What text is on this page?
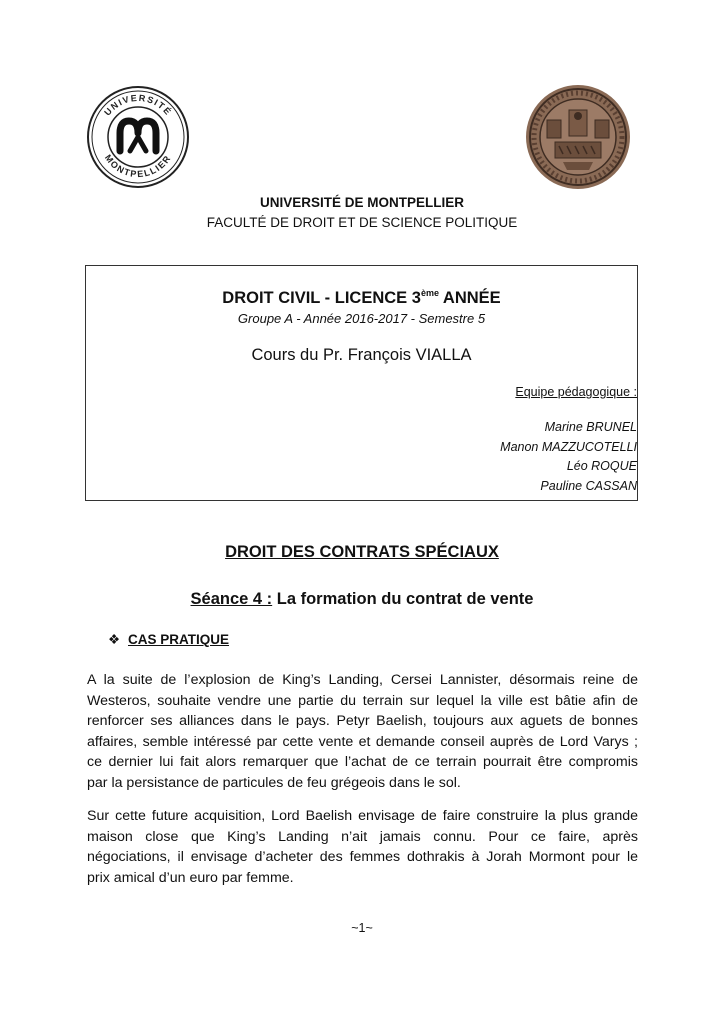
UNIVERSITÉ
MONTPELLIER
UNIVERSITÉ DE MONTPELLIER
FACULTÉ DE DROIT ET DE SCIENCE POLITIQUE
DROIT CIVIL - LICENCE 3ème ANNÉE
Groupe A - Année 2016-2017 - Semestre 5
Cours du Pr. François VIALLA
Equipe pédagogique :
Marine BRUNEL
Manon MAZZUCOTELLI
Léo ROQUE
Pauline CASSAN
DROIT DES CONTRATS SPÉCIAUX
Séance 4 : La formation du contrat de vente
❖ CAS PRATIQUE
A la suite de l’explosion de King’s Landing, Cersei Lannister, désormais reine de
Westeros, souhaite vendre une partie du terrain sur lequel la ville est bâtie afin de
renforcer ses alliances dans le pays. Petyr Baelish, toujours aux aguets de bonnes
affaires, semble intéressé par cette vente et demande conseil auprès de Lord Varys ;
ce dernier lui fait alors remarquer que l’achat de ce terrain pourrait être compromis
par la persistance de particules de feu grégeois dans le sol.
Sur cette future acquisition, Lord Baelish envisage de faire construire la plus grande
maison close que King’s Landing n’ait jamais connu. Pour ce faire, après
négociations, il envisage d’acheter des femmes dothrakis à Jorah Mormont pour le
prix amical d’un euro par femme.
~1~
